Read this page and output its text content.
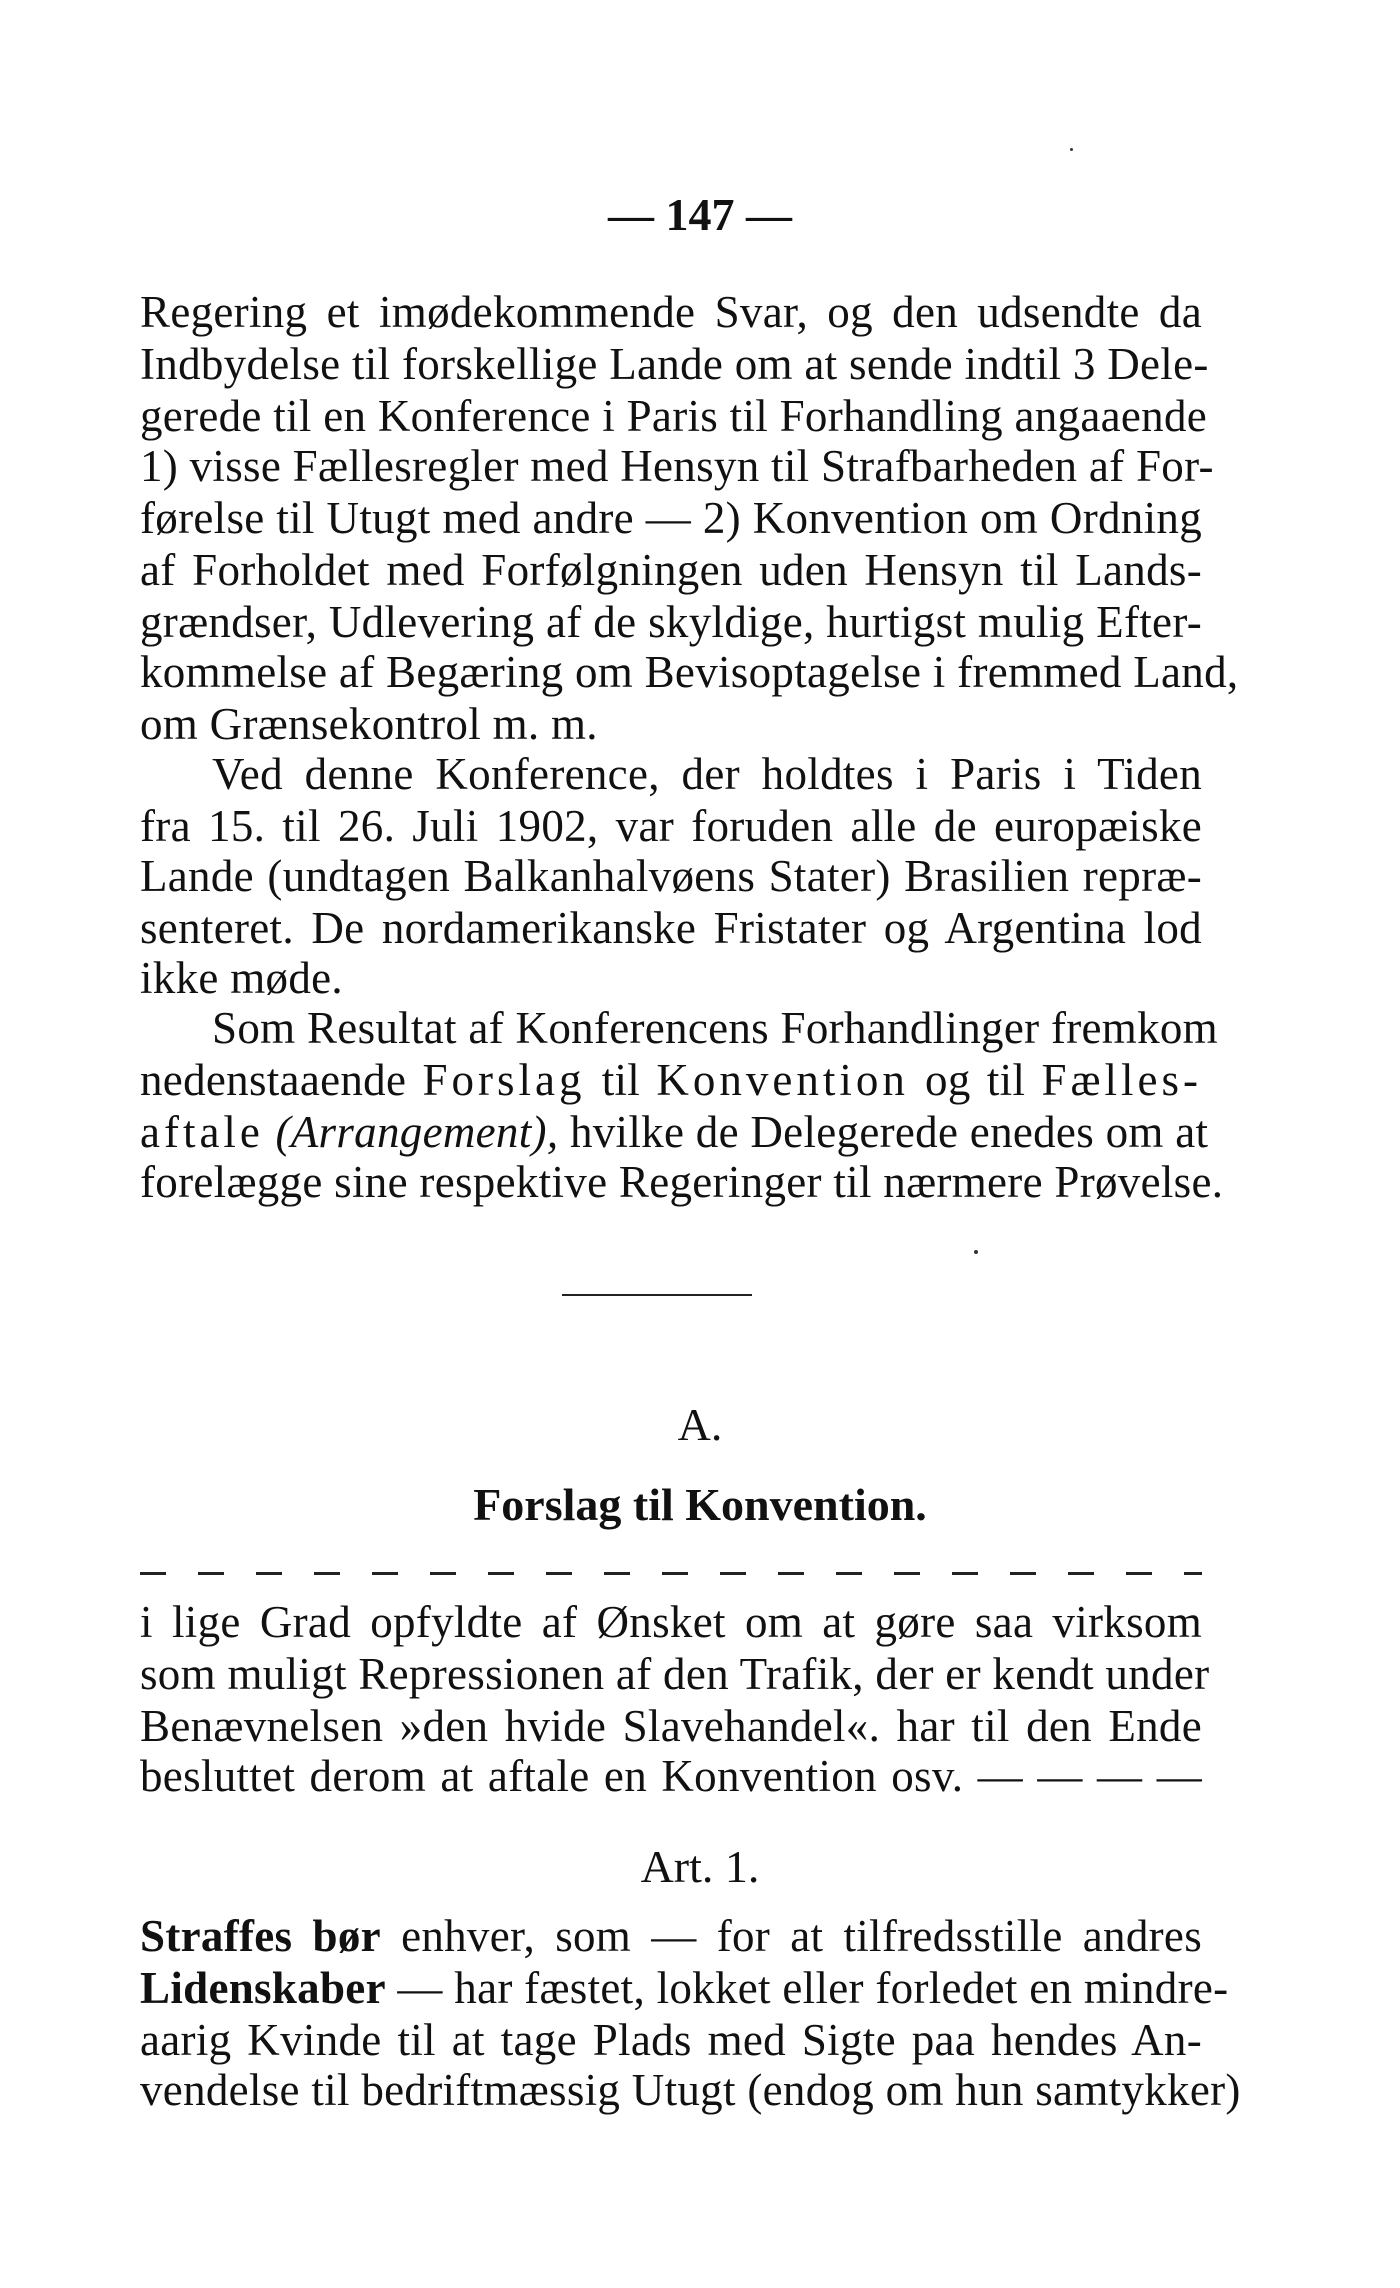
— 147 —
Regering et imødekommende Svar, og den udsendte da
Indbydelse til forskellige Lande om at sende indtil 3 Dele-
gerede til en Konference i Paris til Forhandling angaaende
1) visse Fællesregler med Hensyn til Strafbarheden af For-
førelse til Utugt med andre — 2) Konvention om Ordning
af Forholdet med Forfølgningen uden Hensyn til Lands-
grændser, Udlevering af de skyldige, hurtigst mulig Efter-
kommelse af Begæring om Bevisoptagelse i fremmed Land,
om Grænsekontrol m. m.
Ved denne Konference, der holdtes i Paris i Tiden
fra 15. til 26. Juli 1902, var foruden alle de europæiske
Lande (undtagen Balkanhalvøens Stater) Brasilien repræ-
senteret. De nordamerikanske Fristater og Argentina lod
ikke møde.
Som Resultat af Konferencens Forhandlinger fremkom
nedenstaaende Forslag til Konvention og til Fælles-
aftale (Arrangement), hvilke de Delegerede enedes om at
forelægge sine respektive Regeringer til nærmere Prøvelse.
A.
Forslag til Konvention.
i lige Grad opfyldte af Ønsket om at gøre saa virksom
som muligt Repressionen af den Trafik, der er kendt under
Benævnelsen »den hvide Slavehandel«. har til den Ende
besluttet derom at aftale en Konvention osv. — — — —
Art. 1.
Straffes bør enhver, som — for at tilfredsstille andres
Lidenskaber — har fæstet, lokket eller forledet en mindre-
aarig Kvinde til at tage Plads med Sigte paa hendes An-
vendelse til bedriftmæssig Utugt (endog om hun samtykker)
